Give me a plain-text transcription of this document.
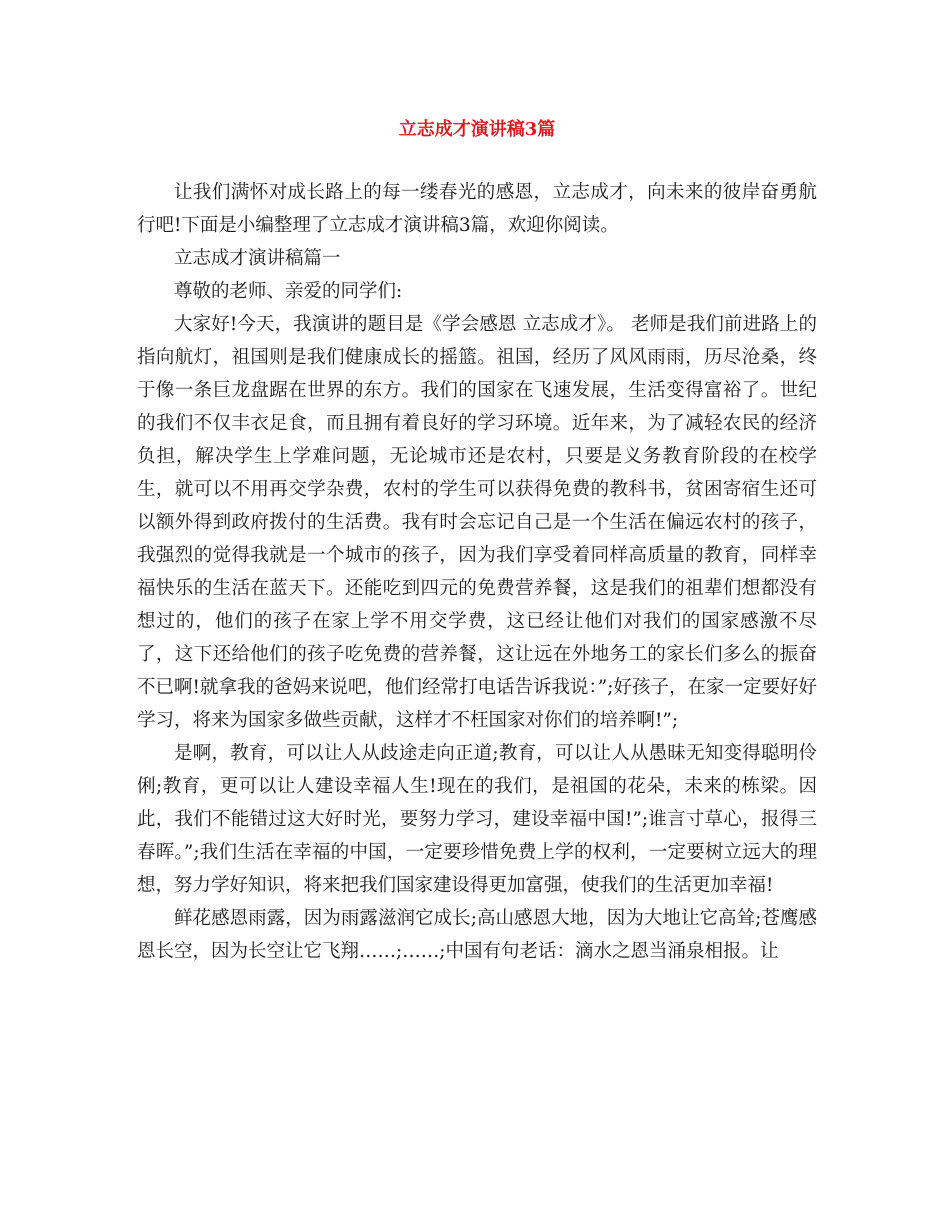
立志成才演讲稿3篇

让我们满怀对成长路上的每一缕春光的感恩，立志成才，向未来的彼岸奋勇航行吧!下面是小编整理了立志成才演讲稿3篇，欢迎你阅读。

立志成才演讲稿篇一

尊敬的老师、亲爱的同学们:

大家好!今天，我演讲的题目是《学会感恩 立志成才》。 老师是我们前进路上的指向航灯，祖国则是我们健康成长的摇篮。祖国，经历了风风雨雨，历尽沧桑，终于像一条巨龙盘踞在世界的东方。我们的国家在飞速发展，生活变得富裕了。世纪的我们不仅丰衣足食，而且拥有着良好的学习环境。近年来，为了减轻农民的经济负担，解决学生上学难问题，无论城市还是农村，只要是义务教育阶段的在校学生，就可以不用再交学杂费，农村的学生可以获得免费的教科书，贫困寄宿生还可以额外得到政府拨付的生活费。我有时会忘记自己是一个生活在偏远农村的孩子，我强烈的觉得我就是一个城市的孩子，因为我们享受着同样高质量的教育，同样幸福快乐的生活在蓝天下。还能吃到四元的免费营养餐，这是我们的祖辈们想都没有想过的，他们的孩子在家上学不用交学费，这已经让他们对我们的国家感激不尽了，这下还给他们的孩子吃免费的营养餐，这让远在外地务工的家长们多么的振奋不已啊!就拿我的爸妈来说吧，他们经常打电话告诉我说：”;好孩子，在家一定要好好学习，将来为国家多做些贡献，这样才不枉国家对你们的培养啊!”;

是啊，教育，可以让人从歧途走向正道;教育，可以让人从愚昧无知变得聪明伶俐;教育，更可以让人建设幸福人生!现在的我们，是祖国的花朵，未来的栋梁。因此，我们不能错过这大好时光，要努力学习，建设幸福中国!”;谁言寸草心，报得三春晖。”;我们生活在幸福的中国，一定要珍惜免费上学的权利，一定要树立远大的理想，努力学好知识，将来把我们国家建设得更加富强，使我们的生活更加幸福!

鲜花感恩雨露，因为雨露滋润它成长;高山感恩大地，因为大地让它高耸;苍鹰感恩长空，因为长空让它飞翔……;……;中国有句老话：滴水之恩当涌泉相报。让
